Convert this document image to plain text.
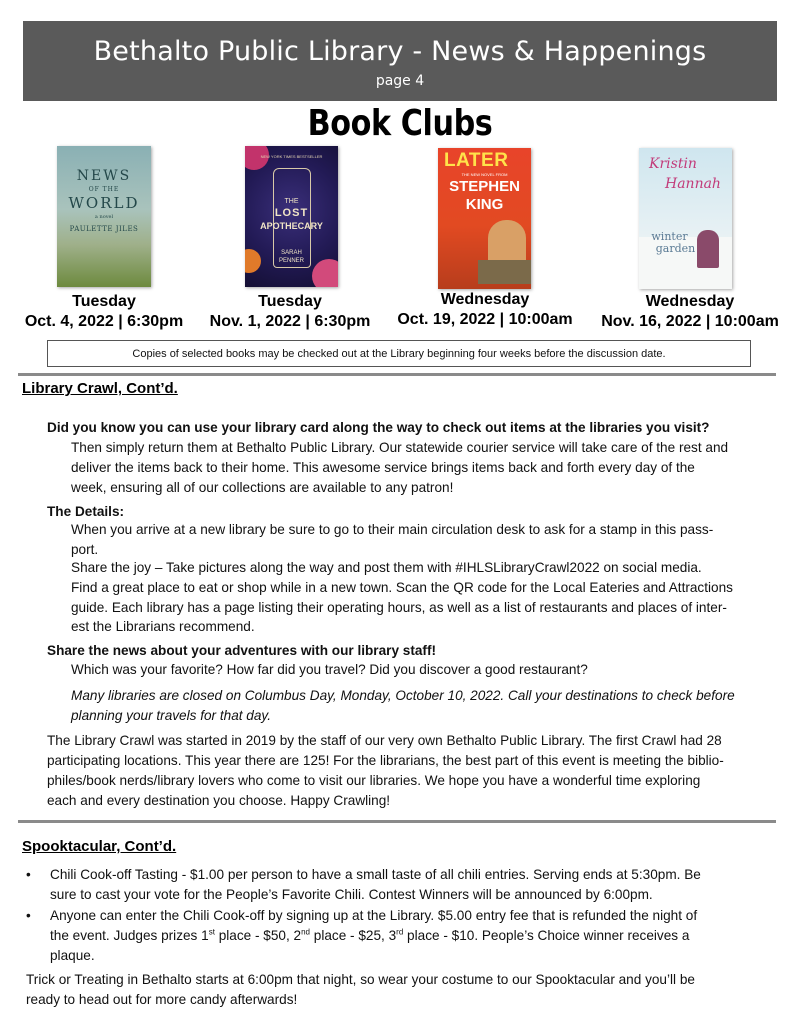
Bethalto Public Library - News & Happenings
page 4
Book Clubs
NEWS
OF THE
WORLD
a novel
PAULETTE JILES
NEW YORK TIMES BESTSELLER
THE
LOST
APOTHECARY
SARAH
PENNER
LATER
THE NEW NOVEL FROM
STEPHEN
KING
Kristin
Hannah
winter
garden
Tuesday
Oct. 4, 2022 | 6:30pm
Tuesday
Nov. 1, 2022 | 6:30pm
Wednesday
Oct. 19, 2022 | 10:00am
Wednesday
Nov. 16, 2022 | 10:00am
Copies of selected books may be checked out at the Library beginning four weeks before the discussion date.
Library Crawl, Cont’d.
Did you know you can use your library card along the way to check out items at the libraries you visit?
Then simply return them at Bethalto Public Library. Our statewide courier service will take care of the rest and
deliver the items back to their home. This awesome service brings items back and forth every day of the
week, ensuring all of our collections are available to any patron!
The Details:
When you arrive at a new library be sure to go to their main circulation desk to ask for a stamp in this pass-
port.
Share the joy – Take pictures along the way and post them with #IHLSLibraryCrawl2022 on social media.
Find a great place to eat or shop while in a new town. Scan the QR code for the Local Eateries and Attractions
guide. Each library has a page listing their operating hours, as well as a list of restaurants and places of inter-
est the Librarians recommend.
Share the news about your adventures with our library staff!
Which was your favorite? How far did you travel? Did you discover a good restaurant?
Many libraries are closed on Columbus Day, Monday, October 10, 2022. Call your destinations to check before
planning your travels for that day.
The Library Crawl was started in 2019 by the staff of our very own Bethalto Public Library. The first Crawl had 28
participating locations. This year there are 125! For the librarians, the best part of this event is meeting the biblio-
philes/book nerds/library lovers who come to visit our libraries. We hope you have a wonderful time exploring
each and every destination you choose. Happy Crawling!
Spooktacular, Cont’d.
• Chili Cook-off Tasting - $1.00 per person to have a small taste of all chili entries. Serving ends at 5:30pm. Be
sure to cast your vote for the People’s Favorite Chili. Contest Winners will be announced by 6:00pm.
• Anyone can enter the Chili Cook-off by signing up at the Library. $5.00 entry fee that is refunded the night of
the event. Judges prizes 1st place - $50, 2nd place - $25, 3rd place - $10. People’s Choice winner receives a
plaque.
Trick or Treating in Bethalto starts at 6:00pm that night, so wear your costume to our Spooktacular and you’ll be
ready to head out for more candy afterwards!
